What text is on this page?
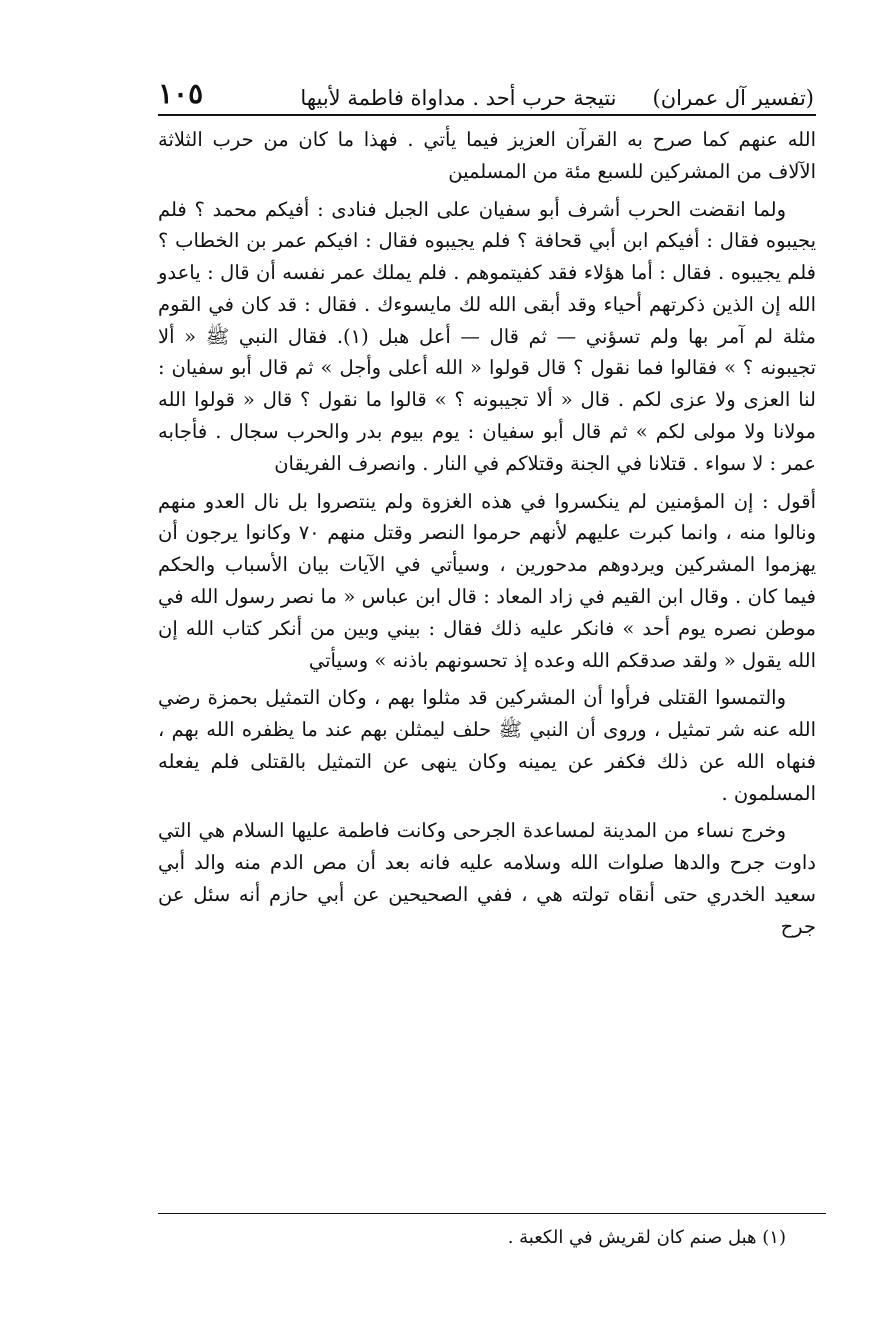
(تفسير آل عمران)
نتيجة حرب أحد . مداواة فاطمة لأبيها
١٠٥

الله عنهم كما صرح به القرآن العزيز فيما يأتي . فهذا ما كان من حرب الثلاثة الآلاف من المشركين للسبع مئة من المسلمين

ولما انقضت الحرب أشرف أبو سفيان على الجبل فنادى : أفيكم محمد ؟ فلم يجيبوه فقال : أفيكم ابن أبي قحافة ؟ فلم يجيبوه فقال : افيكم عمر بن الخطاب ؟ فلم يجيبوه . فقال : أما هؤلاء فقد كفيتموهم . فلم يملك عمر نفسه أن قال : ياعدو الله إن الذين ذكرتهم أحياء وقد أبقى الله لك مايسوءك . فقال : قد كان في القوم مثلة لم آمر بها ولم تسؤني — ثم قال — أعل هبل (١). فقال النبي ﷺ « ألا تجيبونه ؟ » فقالوا فما نقول ؟ قال قولوا « الله أعلى وأجل » ثم قال أبو سفيان : لنا العزى ولا عزى لكم . قال « ألا تجيبونه ؟ » قالوا ما نقول ؟ قال « قولوا الله مولانا ولا مولى لكم » ثم قال أبو سفيان : يوم بيوم بدر والحرب سجال . فأجابه عمر : لا سواء . قتلانا في الجنة وقتلاكم في النار . وانصرف الفريقان

أقول : إن المؤمنين لم ينكسروا في هذه الغزوة ولم ينتصروا بل نال العدو منهم ونالوا منه ، وانما كبرت عليهم لأنهم حرموا النصر وقتل منهم ٧٠ وكانوا يرجون أن يهزموا المشركين ويردوهم مدحورين ، وسيأتي في الآيات بيان الأسباب والحكم فيما كان . وقال ابن القيم في زاد المعاد : قال ابن عباس « ما نصر رسول الله في موطن نصره يوم أحد » فانكر عليه ذلك فقال : بيني وبين من أنكر كتاب الله إن الله يقول « ولقد صدقكم الله وعده إذ تحسونهم باذنه » وسيأتي

والتمسوا القتلى فرأوا أن المشركين قد مثلوا بهم ، وكان التمثيل بحمزة رضي الله عنه شر تمثيل ، وروى أن النبي ﷺ حلف ليمثلن بهم عند ما يظفره الله بهم ، فنهاه الله عن ذلك فكفر عن يمينه وكان ينهى عن التمثيل بالقتلى فلم يفعله المسلمون .

وخرج نساء من المدينة لمساعدة الجرحى وكانت فاطمة عليها السلام هي التي داوت جرح والدها صلوات الله وسلامه عليه فانه بعد أن مص الدم منه والد أبي سعيد الخدري حتى أنقاه تولته هي ، ففي الصحيحين عن أبي حازم أنه سئل عن جرح

(١) هبل صنم كان لقريش في الكعبة .
